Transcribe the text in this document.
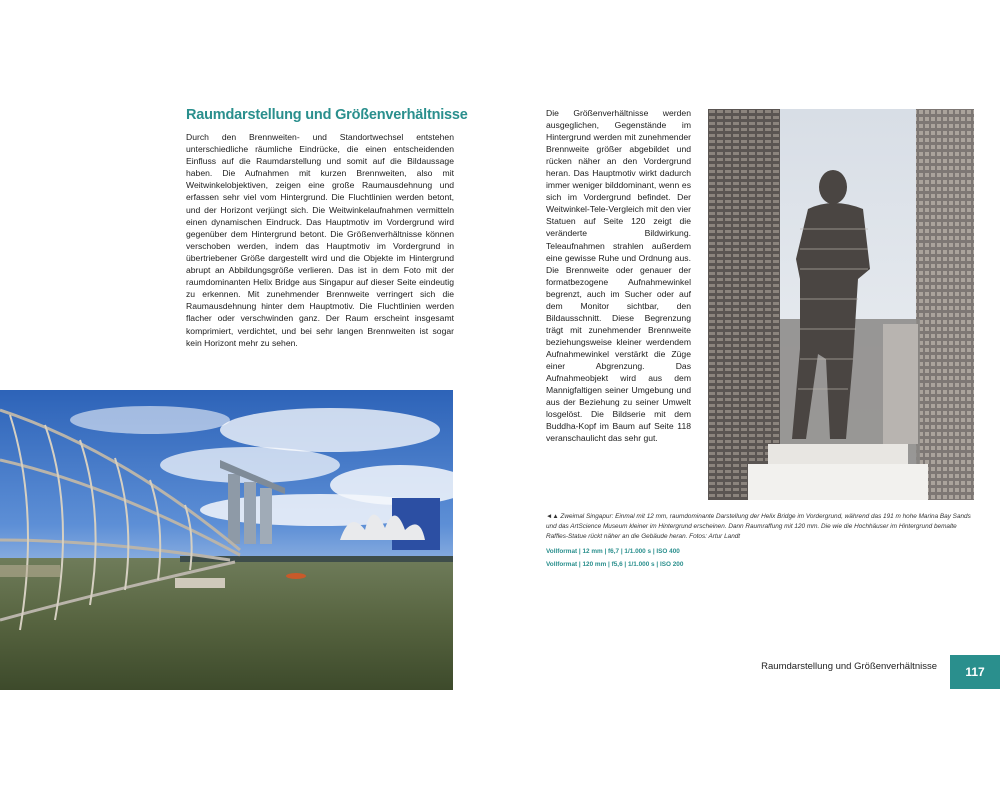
Raumdarstellung und Größenverhältnisse

Durch den Brennweiten- und Standortwechsel entstehen unterschiedliche räumliche Eindrücke, die einen entscheidenden Einfluss auf die Raumdarstellung und somit auf die Bildaussage haben. Die Aufnahmen mit kurzen Brennweiten, also mit Weitwinkelobjektiven, zeigen eine große Raumausdehnung und erfassen sehr viel vom Hintergrund. Die Fluchtlinien werden betont, und der Horizont verjüngt sich. Die Weitwinkelaufnahmen vermitteln einen dynamischen Eindruck. Das Hauptmotiv im Vordergrund wird gegenüber dem Hintergrund betont. Die Größenverhältnisse können verschoben werden, indem das Hauptmotiv im Vordergrund in übertriebener Größe dargestellt wird und die Objekte im Hintergrund abrupt an Abbildungsgröße verlieren. Das ist in dem Foto mit der raumdominanten Helix Bridge aus Singapur auf dieser Seite eindeutig zu erkennen. Mit zunehmender Brennweite verringert sich die Raumausdehnung hinter dem Hauptmotiv. Die Fluchtlinien werden flacher oder verschwinden ganz. Der Raum erscheint insgesamt komprimiert, verdichtet, und bei sehr langen Brennweiten ist sogar kein Horizont mehr zu sehen.

Die Größenverhältnisse werden ausgeglichen, Gegenstände im Hintergrund werden mit zunehmender Brennweite größer abgebildet und rücken näher an den Vordergrund heran. Das Hauptmotiv wirkt dadurch immer weniger bilddominant, wenn es sich im Vordergrund befindet. Der Weitwinkel-Tele-Vergleich mit den vier Statuen auf Seite 120 zeigt die veränderte Bildwirkung. Teleaufnahmen strahlen außerdem eine gewisse Ruhe und Ordnung aus. Die Brennweite oder genauer der formatbezogene Aufnahmewinkel begrenzt, auch im Sucher oder auf dem Monitor sichtbar, den Bildausschnitt. Diese Begrenzung trägt mit zunehmender Brennweite beziehungsweise kleiner werdendem Aufnahmewinkel verstärkt die Züge einer Abgrenzung. Das Aufnahmeobjekt wird aus dem Mannigfaltigen seiner Umgebung und aus der Beziehung zu seiner Umwelt losgelöst. Die Bildserie mit dem Buddha-Kopf im Baum auf Seite 118 veranschaulicht das sehr gut.

◄▲ Zweimal Singapur: Einmal mit 12 mm, raumdominante Darstellung der Helix Bridge im Vordergrund, während das 191 m hohe Marina Bay Sands und das ArtScience Museum kleiner im Hintergrund erscheinen. Dann Raumraffung mit 120 mm. Die wie die Hochhäuser im Hintergrund bemalte Raffles-Statue rückt näher an die Gebäude heran. Fotos: Artur Landt

Vollformat | 12 mm | f6,7 | 1/1.000 s | ISO 400
Vollformat | 120 mm | f5,6 | 1/1.000 s | ISO 200
Raumdarstellung und Größenverhältnisse	117
